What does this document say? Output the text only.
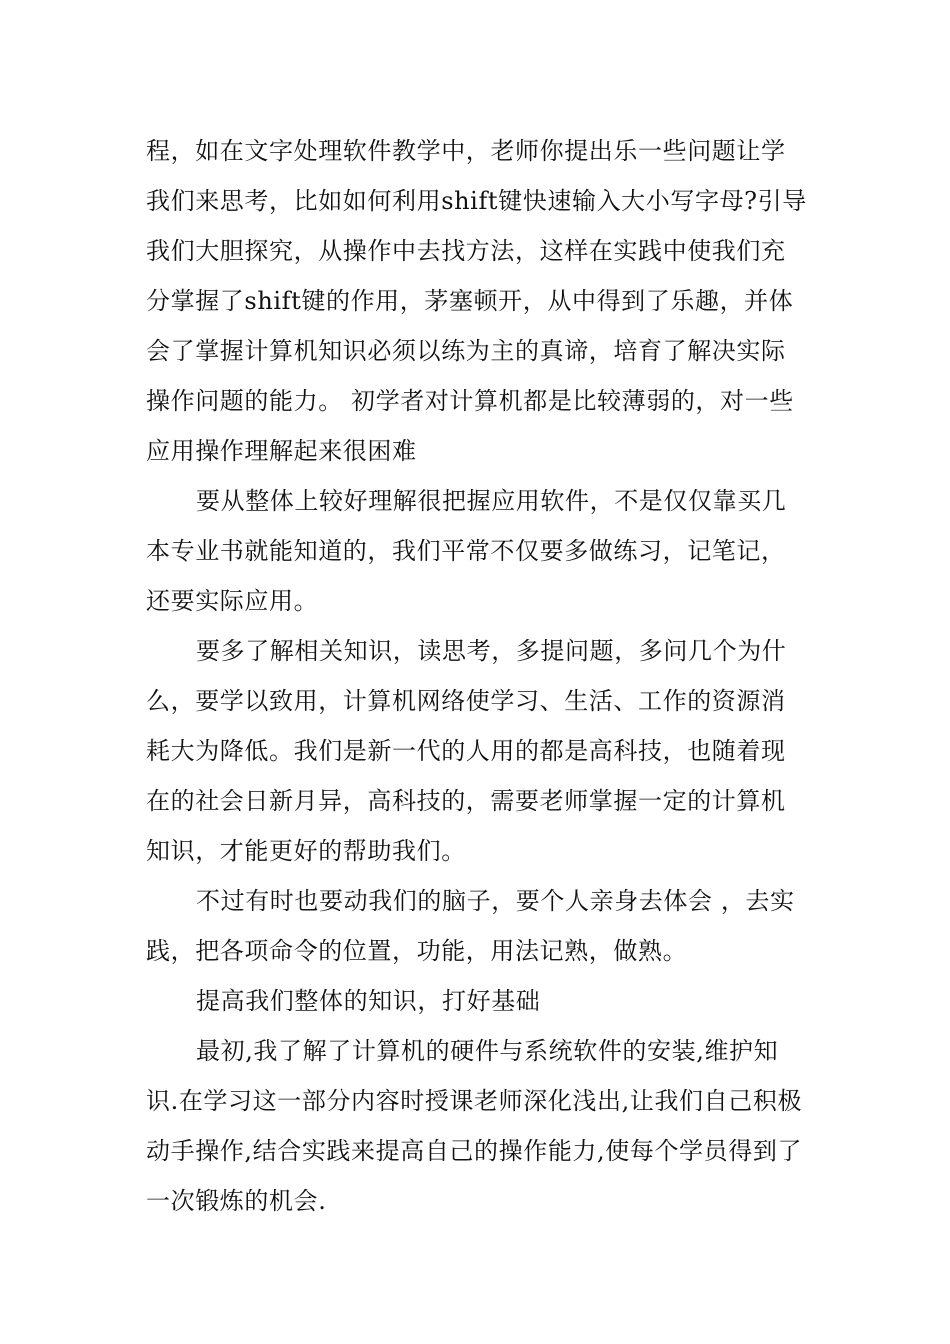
程，如在文字处理软件教学中，老师你提出乐一些问题让学我们来思考，比如如何利用shift键快速输入大小写字母?引导我们大胆探究，从操作中去找方法，这样在实践中使我们充分掌握了shift键的作用，茅塞顿开，从中得到了乐趣，并体会了掌握计算机知识必须以练为主的真谛，培育了解决实际操作问题的能力。 初学者对计算机都是比较薄弱的，对一些 应用操作理解起来很困难

要从整体上较好理解很把握应用软件，不是仅仅靠买几本专业书就能知道的，我们平常不仅要多做练习，记笔记，还要实际应用。

要多了解相关知识，读思考，多提问题，多问几个为什么，要学以致用，计算机网络使学习、生活、工作的资源消耗大为降低。我们是新一代的人用的都是高科技，也随着现在的社会日新月异，高科技的，需要老师掌握一定的计算机知识，才能更好的帮助我们。

不过有时也要动我们的脑子，要个人亲身去体会 ，去实践，把各项命令的位置，功能，用法记熟，做熟。

提高我们整体的知识，打好基础

最初,我了解了计算机的硬件与系统软件的安装,维护知识.在学习这一部分内容时授课老师深化浅出,让我们自己积极动手操作,结合实践来提高自己的操作能力,使每个学员得到了一次锻炼的机会.
